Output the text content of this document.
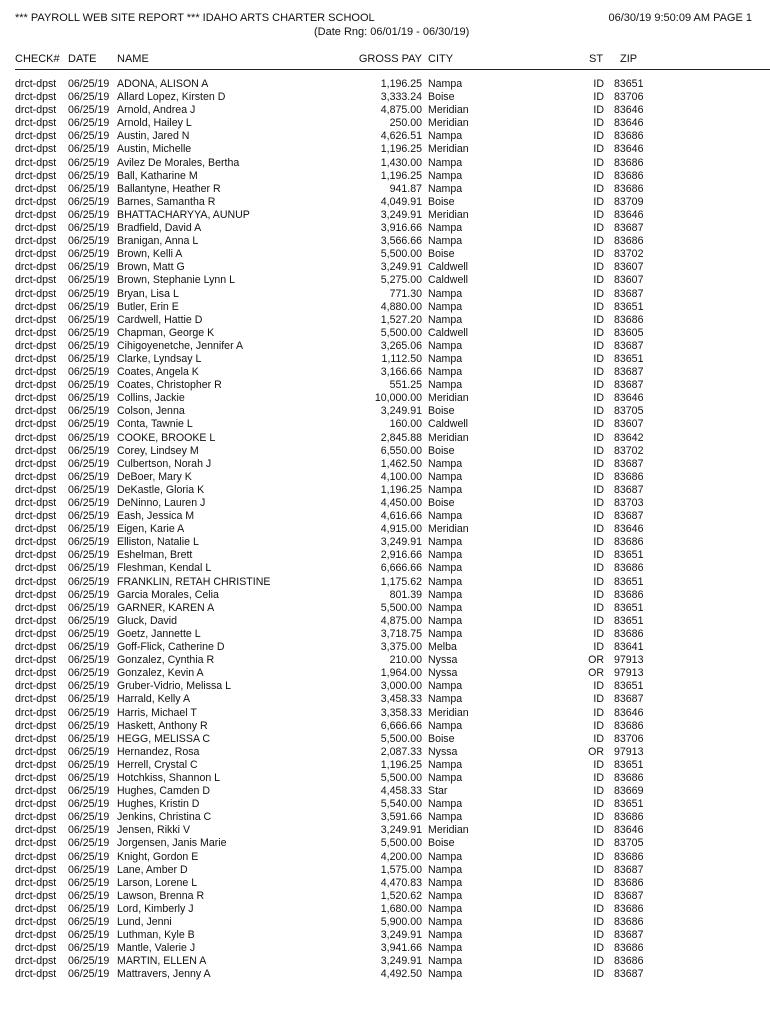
*** PAYROLL WEB SITE REPORT *** IDAHO ARTS CHARTER SCHOOL
(Date Rng: 06/01/19 - 06/30/19)
06/30/19 9:50:09 AM PAGE 1
CHECK# DATE NAME	GROSS PAY CITY	ST ZIP
drct-dpst 06/25/19 ADONA, ALISON A	1,196.25 Nampa	ID 83651
drct-dpst 06/25/19 Allard Lopez, Kirsten D	3,333.24 Boise	ID 83706
drct-dpst 06/25/19 Arnold, Andrea J	4,875.00 Meridian	ID 83646
drct-dpst 06/25/19 Arnold, Hailey L	250.00 Meridian	ID 83646
drct-dpst 06/25/19 Austin, Jared N	4,626.51 Nampa	ID 83686
drct-dpst 06/25/19 Austin, Michelle	1,196.25 Meridian	ID 83646
drct-dpst 06/25/19 Avilez De Morales, Bertha	1,430.00 Nampa	ID 83686
drct-dpst 06/25/19 Ball, Katharine M	1,196.25 Nampa	ID 83686
drct-dpst 06/25/19 Ballantyne, Heather R	941.87 Nampa	ID 83686
drct-dpst 06/25/19 Barnes, Samantha R	4,049.91 Boise	ID 83709
drct-dpst 06/25/19 BHATTACHARYYA, AUNUP	3,249.91 Meridian	ID 83646
drct-dpst 06/25/19 Bradfield, David A	3,916.66 Nampa	ID 83687
drct-dpst 06/25/19 Branigan, Anna L	3,566.66 Nampa	ID 83686
drct-dpst 06/25/19 Brown, Kelli A	5,500.00 Boise	ID 83702
drct-dpst 06/25/19 Brown, Matt G	3,249.91 Caldwell	ID 83607
drct-dpst 06/25/19 Brown, Stephanie Lynn L	5,275.00 Caldwell	ID 83607
drct-dpst 06/25/19 Bryan, Lisa L	771.30 Nampa	ID 83687
drct-dpst 06/25/19 Butler, Erin E	4,880.00 Nampa	ID 83651
drct-dpst 06/25/19 Cardwell, Hattie D	1,527.20 Nampa	ID 83686
drct-dpst 06/25/19 Chapman, George K	5,500.00 Caldwell	ID 83605
drct-dpst 06/25/19 Cihigoyenetche, Jennifer A	3,265.06 Nampa	ID 83687
drct-dpst 06/25/19 Clarke, Lyndsay L	1,112.50 Nampa	ID 83651
drct-dpst 06/25/19 Coates, Angela K	3,166.66 Nampa	ID 83687
drct-dpst 06/25/19 Coates, Christopher R	551.25 Nampa	ID 83687
drct-dpst 06/25/19 Collins, Jackie	10,000.00 Meridian	ID 83646
drct-dpst 06/25/19 Colson, Jenna	3,249.91 Boise	ID 83705
drct-dpst 06/25/19 Conta, Tawnie L	160.00 Caldwell	ID 83607
drct-dpst 06/25/19 COOKE, BROOKE L	2,845.88 Meridian	ID 83642
drct-dpst 06/25/19 Corey, Lindsey M	6,550.00 Boise	ID 83702
drct-dpst 06/25/19 Culbertson, Norah J	1,462.50 Nampa	ID 83687
drct-dpst 06/25/19 DeBoer, Mary K	4,100.00 Nampa	ID 83686
drct-dpst 06/25/19 DeKastle, Gloria K	1,196.25 Nampa	ID 83687
drct-dpst 06/25/19 DeNinno, Lauren J	4,450.00 Boise	ID 83703
drct-dpst 06/25/19 Eash, Jessica M	4,616.66 Nampa	ID 83687
drct-dpst 06/25/19 Eigen, Karie A	4,915.00 Meridian	ID 83646
drct-dpst 06/25/19 Elliston, Natalie L	3,249.91 Nampa	ID 83686
drct-dpst 06/25/19 Eshelman, Brett	2,916.66 Nampa	ID 83651
drct-dpst 06/25/19 Fleshman, Kendal L	6,666.66 Nampa	ID 83686
drct-dpst 06/25/19 FRANKLIN, RETAH CHRISTINE	1,175.62 Nampa	ID 83651
drct-dpst 06/25/19 Garcia Morales, Celia	801.39 Nampa	ID 83686
drct-dpst 06/25/19 GARNER, KAREN A	5,500.00 Nampa	ID 83651
drct-dpst 06/25/19 Gluck, David	4,875.00 Nampa	ID 83651
drct-dpst 06/25/19 Goetz, Jannette L	3,718.75 Nampa	ID 83686
drct-dpst 06/25/19 Goff-Flick, Catherine D	3,375.00 Melba	ID 83641
drct-dpst 06/25/19 Gonzalez, Cynthia R	210.00 Nyssa	OR 97913
drct-dpst 06/25/19 Gonzalez, Kevin A	1,964.00 Nyssa	OR 97913
drct-dpst 06/25/19 Gruber-Vidrio, Melissa L	3,000.00 Nampa	ID 83651
drct-dpst 06/25/19 Harrald, Kelly A	3,458.33 Nampa	ID 83687
drct-dpst 06/25/19 Harris, Michael T	3,358.33 Meridian	ID 83646
drct-dpst 06/25/19 Haskett, Anthony R	6,666.66 Nampa	ID 83686
drct-dpst 06/25/19 HEGG, MELISSA C	5,500.00 Boise	ID 83706
drct-dpst 06/25/19 Hernandez, Rosa	2,087.33 Nyssa	OR 97913
drct-dpst 06/25/19 Herrell, Crystal C	1,196.25 Nampa	ID 83651
drct-dpst 06/25/19 Hotchkiss, Shannon L	5,500.00 Nampa	ID 83686
drct-dpst 06/25/19 Hughes, Camden D	4,458.33 Star	ID 83669
drct-dpst 06/25/19 Hughes, Kristin D	5,540.00 Nampa	ID 83651
drct-dpst 06/25/19 Jenkins, Christina C	3,591.66 Nampa	ID 83686
drct-dpst 06/25/19 Jensen, Rikki V	3,249.91 Meridian	ID 83646
drct-dpst 06/25/19 Jorgensen, Janis Marie	5,500.00 Boise	ID 83705
drct-dpst 06/25/19 Knight, Gordon E	4,200.00 Nampa	ID 83686
drct-dpst 06/25/19 Lane, Amber D	1,575.00 Nampa	ID 83687
drct-dpst 06/25/19 Larson, Lorene L	4,470.83 Nampa	ID 83686
drct-dpst 06/25/19 Lawson, Brenna R	1,520.62 Nampa	ID 83687
drct-dpst 06/25/19 Lord, Kimberly J	1,680.00 Nampa	ID 83686
drct-dpst 06/25/19 Lund, Jenni	5,900.00 Nampa	ID 83686
drct-dpst 06/25/19 Luthman, Kyle B	3,249.91 Nampa	ID 83687
drct-dpst 06/25/19 Mantle, Valerie J	3,941.66 Nampa	ID 83686
drct-dpst 06/25/19 MARTIN, ELLEN A	3,249.91 Nampa	ID 83686
drct-dpst 06/25/19 Mattravers, Jenny A	4,492.50 Nampa	ID 83687
